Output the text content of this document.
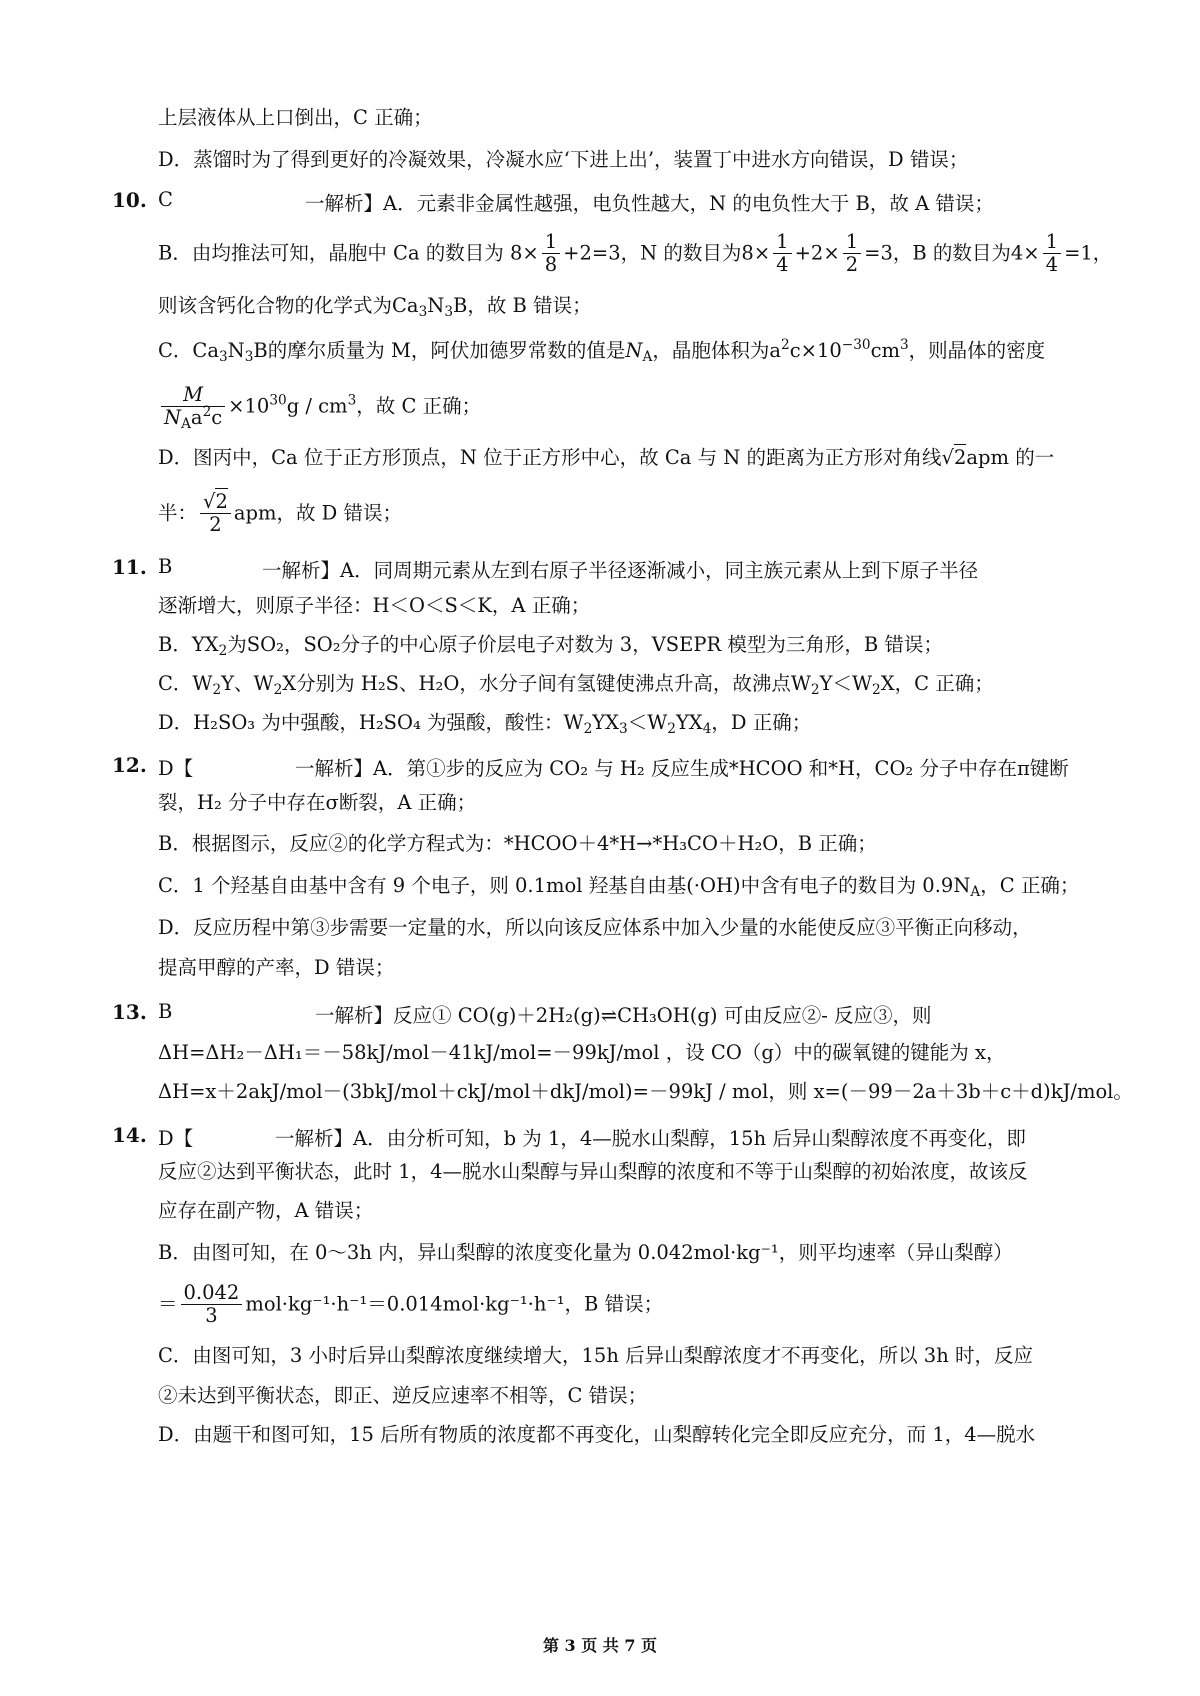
上层液体从上口倒出，C 正确；
D．蒸馏时为了得到更好的冷凝效果，冷凝水应‘下进上出’，装置丁中进水方向错误，D 错误；
10. C	一解析】A．元素非金属性越强，电负性越大，N 的电负性大于 B，故 A 错误；
B．由均推法可知，晶胞中 Ca 的数目为 $8\times \frac{1}{8} +2=3$，N 的数目为$8\times \frac{1}{4} +2\times \frac{1}{2} =3$，B 的数目为$4\times \frac{1}{4} =1$，
则该含钙化合物的化学式为$Ca_3N_3B$，故 B 错误；
C．$Ca_3N_3B$的摩尔质量为 M，阿伏加德罗常数的值是$N_A$，晶胞体积为$a^2c\times 10^{-30}cm^3$，则晶体的密度
$\frac{M}{N_Aa^2c} \times 10^{30}g / cm^3$，故 C 正确；
D．图丙中，Ca 位于正方形顶点，N 位于正方形中心，故 Ca 与 N 的距离为正方形对角线√2apm 的一
半： $\frac{√2}{2}$ apm，故 D 错误；
11. B	一解析】A．同周期元素从左到右原子半径逐渐减小，同主族元素从上到下原子半径
逐渐增大，则原子半径：H＜O＜S＜K，A 正确；
B．$YX_2$为SO₂，SO₂分子的中心原子价层电子对数为 3，VSEPR 模型为三角形，B 错误；
C．$W_2Y$、$W_2X$分别为 H₂S、H₂O，水分子间有氢键使沸点升高，故沸点$W_2Y<W_2X$，C 正确；
D．H₂SO₃ 为中强酸，H₂SO₄ 为强酸，酸性：$W_2YX_3<W_2YX_4$，D 正确；
12. D【	一解析】A．第①步的反应为 CO₂ 与 H₂ 反应生成*HCOO 和*H，CO₂ 分子中存在π键断
裂，H₂ 分子中存在σ断裂，A 正确；
B．根据图示，反应②的化学方程式为：*HCOO＋4*H→*H₃CO＋H₂O，B 正确；
C．1 个羟基自由基中含有 9 个电子，则 0.1mol 羟基自由基(·OH)中含有电子的数目为 $0.9N_A$，C 正确；
D．反应历程中第③步需要一定量的水，所以向该反应体系中加入少量的水能使反应③平衡正向移动，
提高甲醇的产率，D 错误；
13. B	一解析】反应① CO(g)＋2H₂(g)⇌CH₃OH(g) 可由反应②- 反应③，则
ΔH=ΔH₂－ΔH₁＝－58kJ/mol－41kJ/mol=－99kJ/mol ，设 CO（g）中的碳氧键的键能为 x，
ΔH=x＋2akJ/mol－(3bkJ/mol＋ckJ/mol＋dkJ/mol)=－99kJ / mol，则 x=(－99－2a＋3b＋c＋d)kJ/mol。
14. D【	一解析】A．由分析可知，b 为 1，4—脱水山梨醇，15h 后异山梨醇浓度不再变化，即
反应②达到平衡状态，此时 1，4—脱水山梨醇与异山梨醇的浓度和不等于山梨醇的初始浓度，故该反
应存在副产物，A 错误；
B．由图可知，在 0～3h 内，异山梨醇的浓度变化量为 0.042mol·kg⁻¹，则平均速率（异山梨醇）
＝ $\frac{0.042}{3} mol\cdot kg^{-1}\cdot h^{-1}=0.014mol\cdot kg^{-1}\cdot h^{-1}$，B 错误；
C．由图可知，3 小时后异山梨醇浓度继续增大，15h 后异山梨醇浓度才不再变化，所以 3h 时，反应
②未达到平衡状态，即正、逆反应速率不相等，C 错误；
D．由题干和图可知，15 后所有物质的浓度都不再变化，山梨醇转化完全即反应充分，而 1，4—脱水
第 3 页 共 7 页
